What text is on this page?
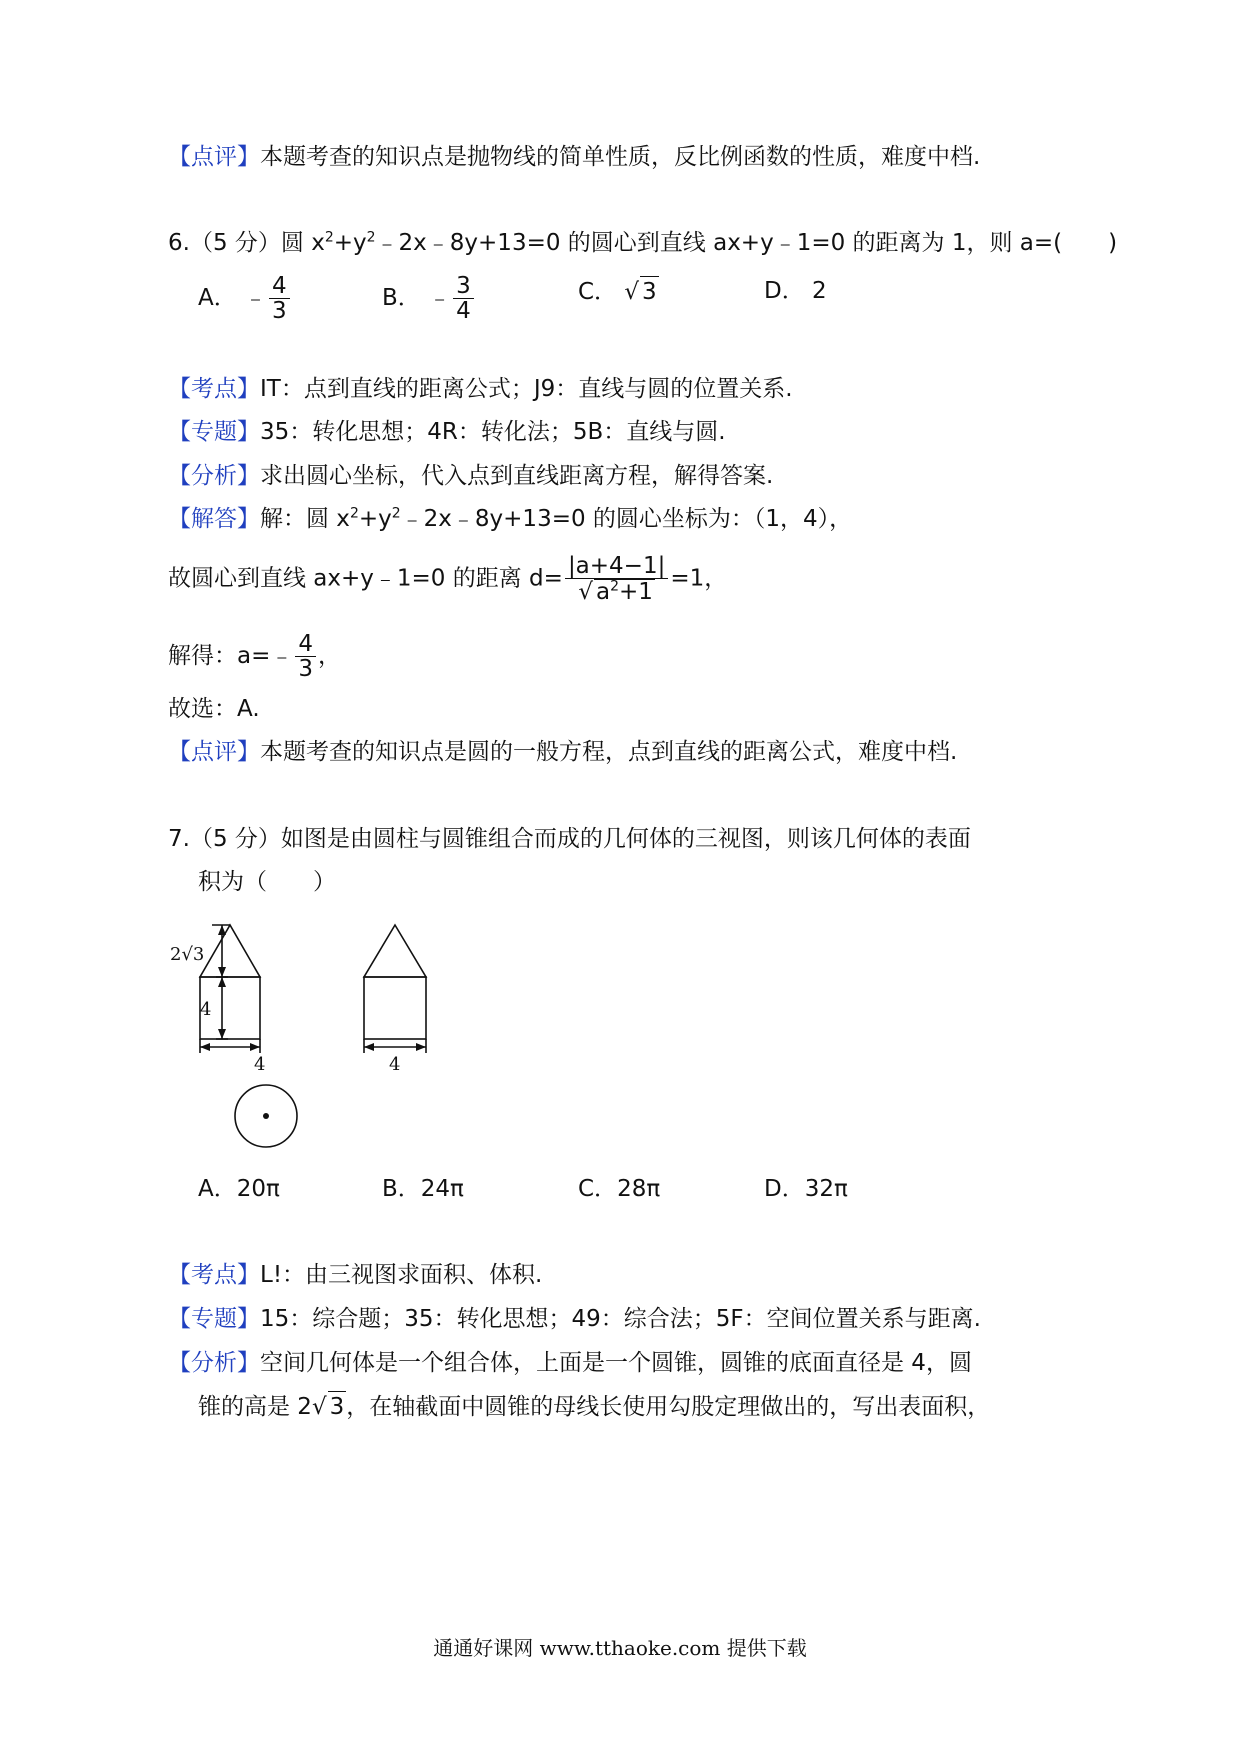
【点评】本题考查的知识点是抛物线的简单性质，反比例函数的性质，难度中档.
6.（5 分）圆 $x^2+y^2﹣2x﹣8y+13=0$ 的圆心到直线 ax+y﹣1=0 的距离为 1，则 a=(　　)
A． ﹣ $\frac{4}{3}$	B． ﹣ $\frac{3}{4}$	C． √ 3	D． 2
【考点】IT：点到直线的距离公式；J9：直线与圆的位置关系.
【专题】35：转化思想；4R：转化法；5B：直线与圆.
【分析】求出圆心坐标，代入点到直线距离方程，解得答案.
【解答】解：圆 $x^2+y^2﹣2x﹣8y+13=0$ 的圆心坐标为：（1，4），
故圆心到直线 ax+y﹣1=0 的距离 $d= \frac{|a+4-1|}{√ a^2+1} =1$，
解得：a=﹣ $\frac{4}{3}$ ，
故选：A.
【点评】本题考查的知识点是圆的一般方程，点到直线的距离公式，难度中档.
7.（5 分）如图是由圆柱与圆锥组合而成的几何体的三视图，则该几何体的表面
积为（　　）
2√3
4
4	4
A．20π	B．24π	C．28π	D．32π
【考点】L!：由三视图求面积、体积.
【专题】15：综合题；35：转化思想；49：综合法；5F：空间位置关系与距离.
【分析】空间几何体是一个组合体，上面是一个圆锥，圆锥的底面直径是 4，圆
锥的高是 2√ 3，在轴截面中圆锥的母线长使用勾股定理做出的，写出表面积，
通通好课网 www.tthaoke.com 提供下载
